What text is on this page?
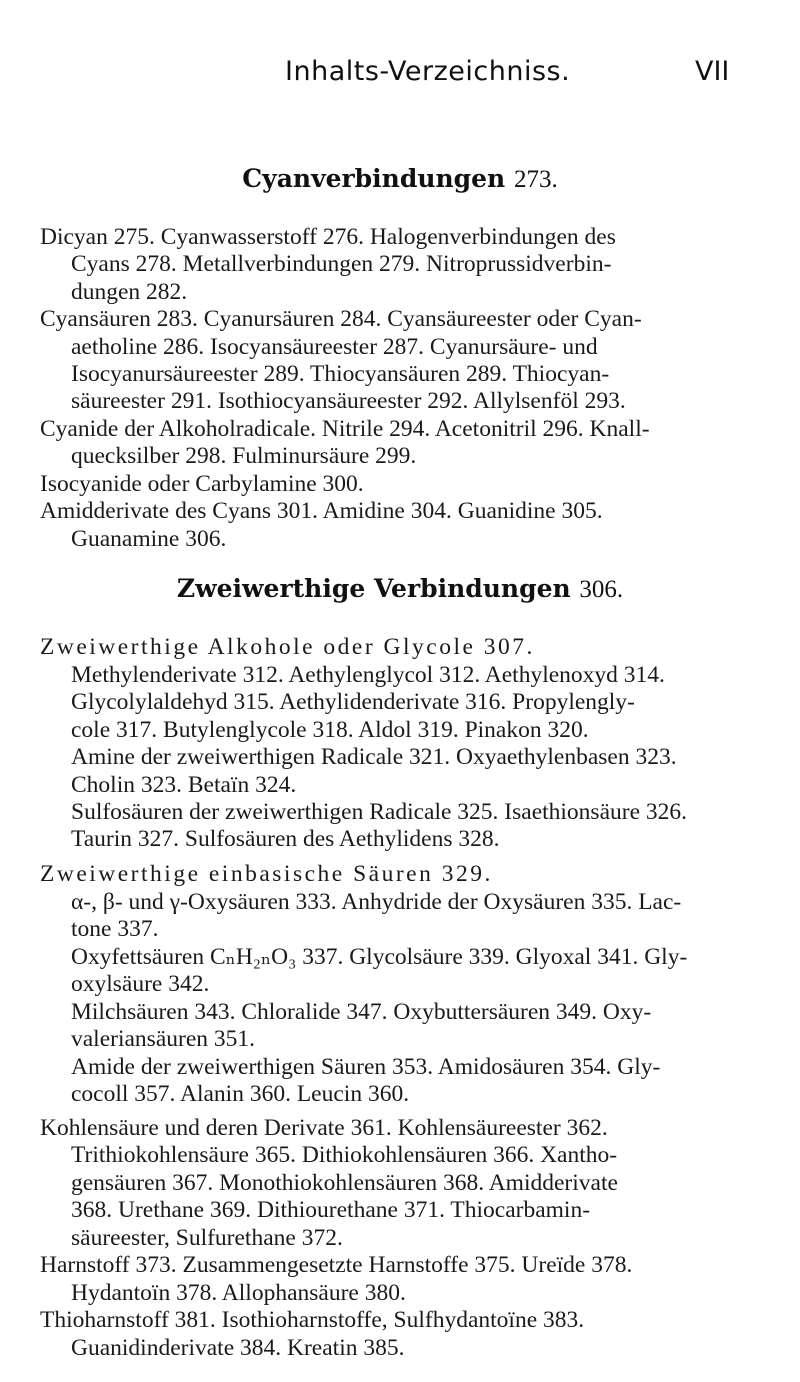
Inhalts-Verzeichniss.	VII
Cyanverbindungen 273.
Dicyan 275. Cyanwasserstoff 276. Halogenverbindungen des
Cyans 278. Metallverbindungen 279. Nitroprussidverbin-
dungen 282.
Cyansäuren 283. Cyanursäuren 284. Cyansäureester oder Cyan-
aetholine 286. Isocyansäureester 287. Cyanursäure- und
Isocyanursäureester 289. Thiocyansäuren 289. Thiocyan-
säureester 291. Isothiocyansäureester 292. Allylsenföl 293.
Cyanide der Alkoholradicale. Nitrile 294. Acetonitril 296. Knall-
quecksilber 298. Fulminursäure 299.
Isocyanide oder Carbylamine 300.
Amidderivate des Cyans 301. Amidine 304. Guanidine 305.
Guanamine 306.
Zweiwerthige Verbindungen 306.
Zweiwerthige Alkohole oder Glycole 307.
Methylenderivate 312. Aethylenglycol 312. Aethylenoxyd 314.
Glycolylaldehyd 315. Aethylidenderivate 316. Propylengly-
cole 317. Butylenglycole 318. Aldol 319. Pinakon 320.
Amine der zweiwerthigen Radicale 321. Oxyaethylenbasen 323.
Cholin 323. Betaïn 324.
Sulfosäuren der zweiwerthigen Radicale 325. Isaethionsäure 326.
Taurin 327. Sulfosäuren des Aethylidens 328.
Zweiwerthige einbasische Säuren 329.
α-, β- und γ-Oxysäuren 333. Anhydride der Oxysäuren 335. Lac-
tone 337.
Oxyfettsäuren CₙH₂ₙO₃ 337. Glycolsäure 339. Glyoxal 341. Gly-
oxylsäure 342.
Milchsäuren 343. Chloralide 347. Oxybuttersäuren 349. Oxy-
valeriansäuren 351.
Amide der zweiwerthigen Säuren 353. Amidosäuren 354. Gly-
cocoll 357. Alanin 360. Leucin 360.
Kohlensäure und deren Derivate 361. Kohlensäureester 362.
Trithiokohlensäure 365. Dithiokohlensäuren 366. Xantho-
gensäuren 367. Monothiokohlensäuren 368. Amidderivate
368. Urethane 369. Dithiourethane 371. Thiocarbamin-
säureester, Sulfurethane 372.
Harnstoff 373. Zusammengesetzte Harnstoffe 375. Ureïde 378.
Hydantoïn 378. Allophansäure 380.
Thioharnstoff 381. Isothioharnstoffe, Sulfhydantoïne 383.
Guanidinderivate 384. Kreatin 385.
